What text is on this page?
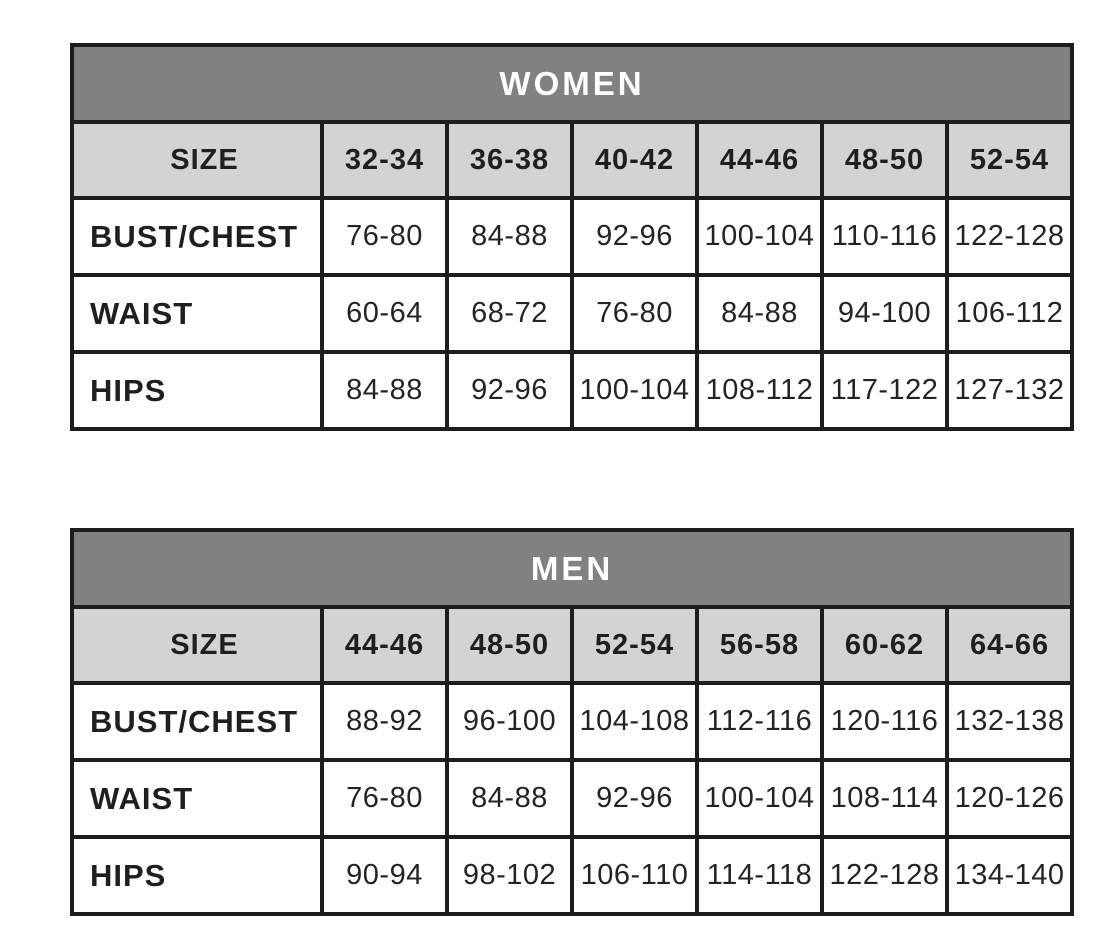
WOMEN						
SIZE	32-34	36-38	40-42	44-46	48-50	52-54
BUST/CHEST	76-80	84-88	92-96	100-104	110-116	122-128
WAIST	60-64	68-72	76-80	84-88	94-100	106-112
HIPS	84-88	92-96	100-104	108-112	117-122	127-132
MEN						
SIZE	44-46	48-50	52-54	56-58	60-62	64-66
BUST/CHEST	88-92	96-100	104-108	112-116	120-116	132-138
WAIST	76-80	84-88	92-96	100-104	108-114	120-126
HIPS	90-94	98-102	106-110	114-118	122-128	134-140
